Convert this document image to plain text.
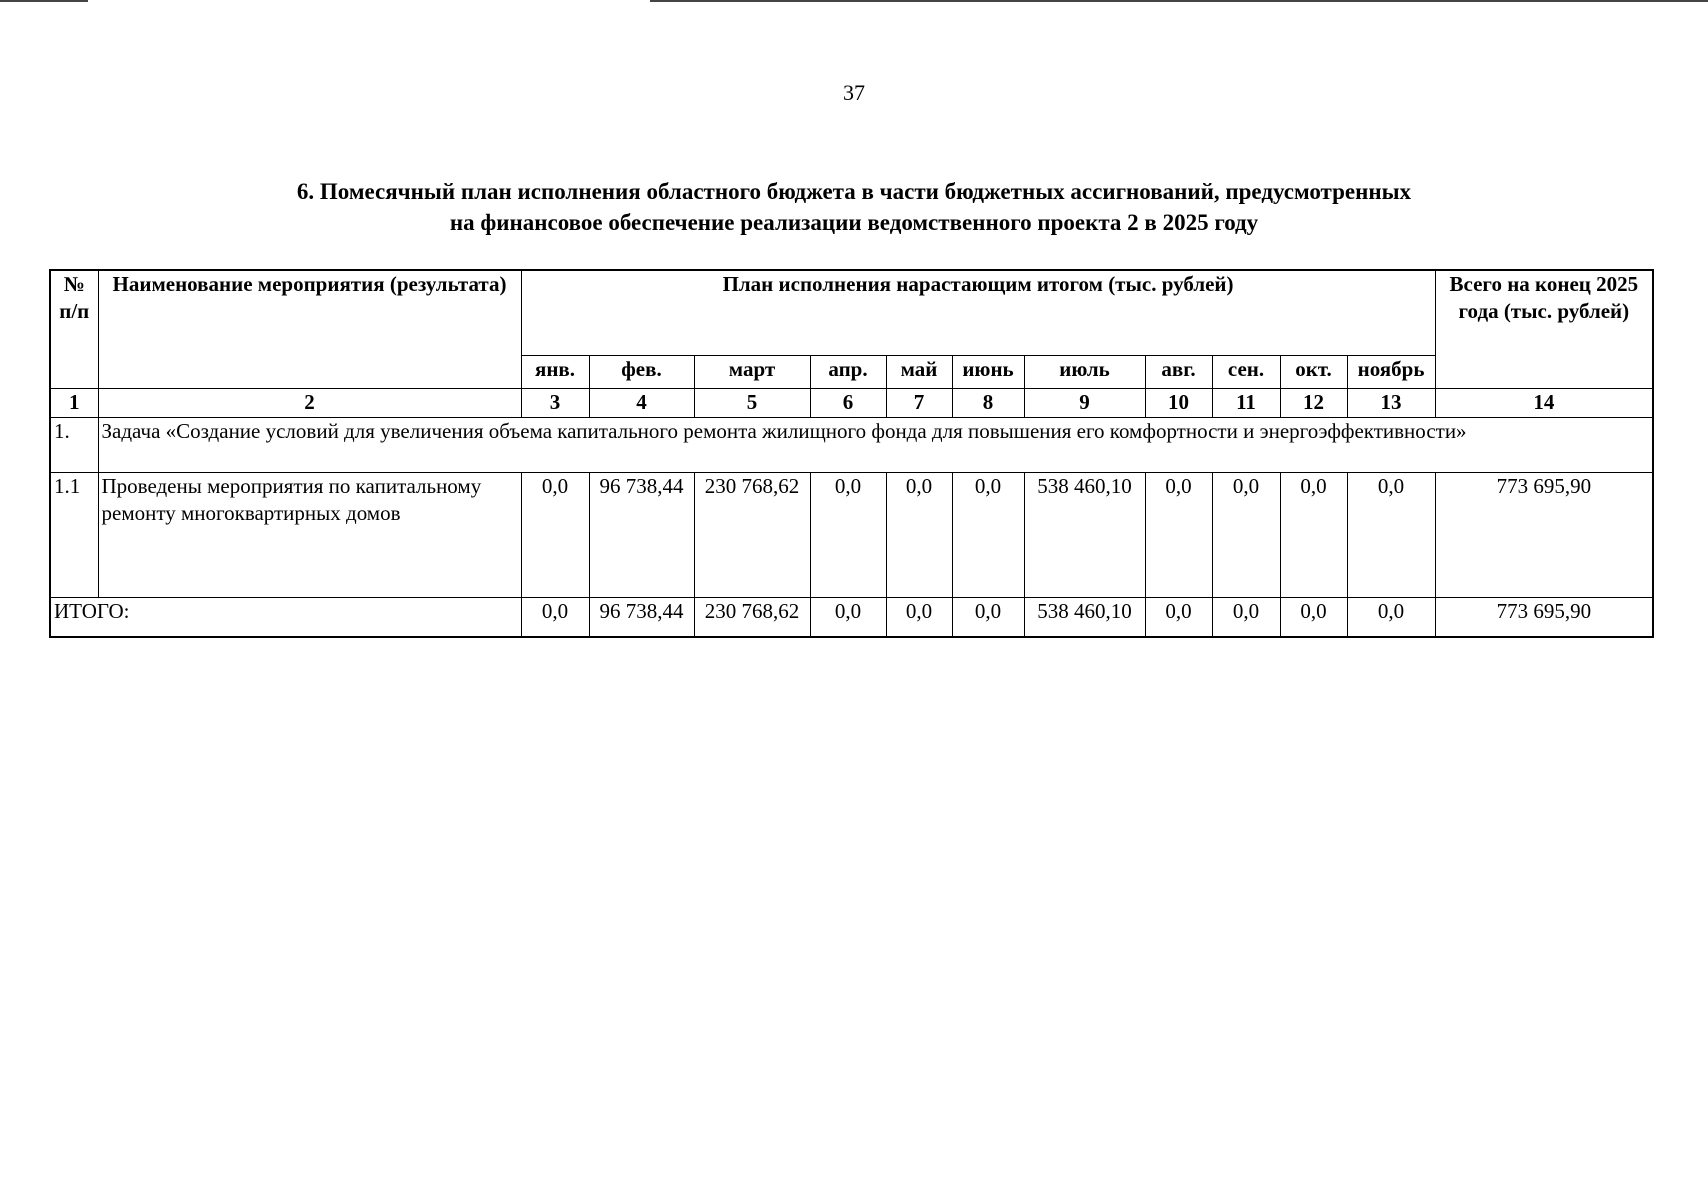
37
6. Помесячный план исполнения областного бюджета в части бюджетных ассигнований, предусмотренных
на финансовое обеспечение реализации ведомственного проекта 2 в 2025 году
№ п/п	Наименование мероприятия (результата)	План исполнения нарастающим итогом (тыс. рублей)											Всего на конец 2025 года (тыс. рублей)
		янв.	фев.	март	апр.	май	июнь	июль	авг.	сен.	окт.	ноябрь	
1	2	3	4	5	6	7	8	9	10	11	12	13	14
1.	Задача «Создание условий для увеличения объема капитального ремонта жилищного фонда для повышения его комфортности и энергоэффективности»												
1.1	Проведены мероприятия по капитальному ремонту многоквартирных домов	0,0	96 738,44	230 768,62	0,0	0,0	0,0	538 460,10	0,0	0,0	0,0	0,0	773 695,90
ИТОГО:		0,0	96 738,44	230 768,62	0,0	0,0	0,0	538 460,10	0,0	0,0	0,0	0,0	773 695,90
